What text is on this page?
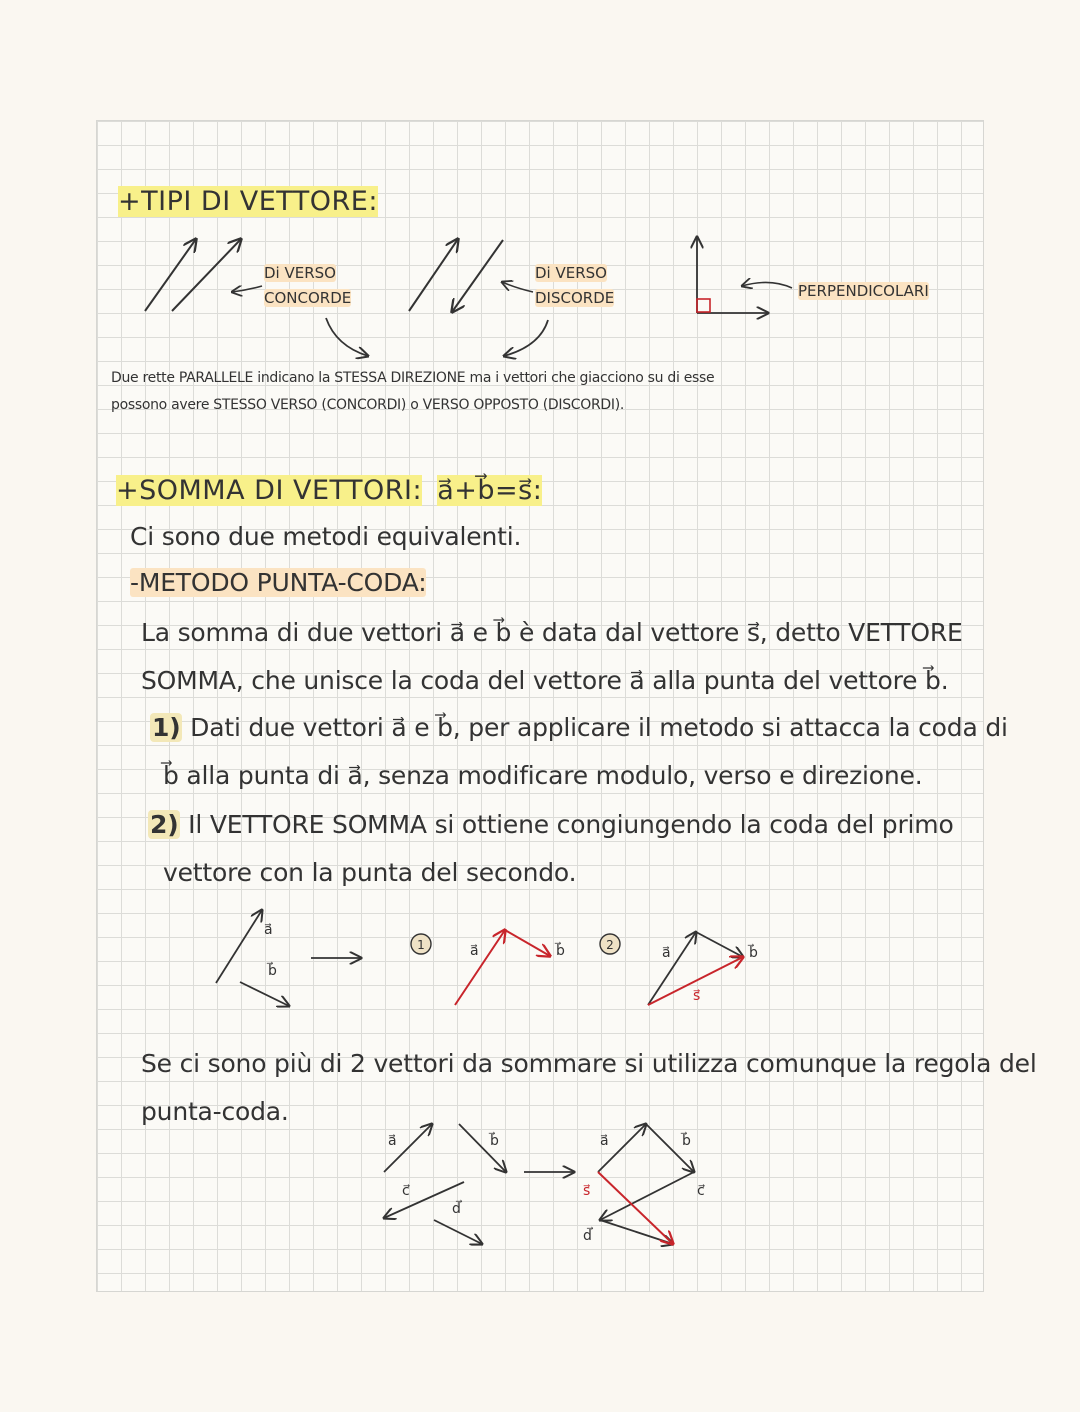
+TIPI DI VETTORE:
Di VERSO
CONCORDE
Di VERSO
DISCORDE	PERPENDICOLARI
Due rette PARALLELE indicano la STESSA DIREZIONE ma i vettori che giacciono su di esse
possono avere STESSO VERSO (CONCORDI) o VERSO OPPOSTO (DISCORDI).
+SOMMA DI VETTORI: a⃗+b⃗=s⃗:
Ci sono due metodi equivalenti.
-METODO PUNTA-CODA:
La somma di due vettori a⃗ e b⃗ è data dal vettore s⃗, detto VETTORE
SOMMA, che unisce la coda del vettore a⃗ alla punta del vettore b⃗.
1) Dati due vettori a⃗ e b⃗, per applicare il metodo si attacca la coda di
b⃗ alla punta di a⃗, senza modificare modulo, verso e direzione.
2) Il VETTORE SOMMA si ottiene congiungendo la coda del primo
vettore con la punta del secondo.
Se ci sono più di 2 vettori da sommare si utilizza comunque la regola del
punta-coda.
a⃗
b⃗
1	a⃗	b⃗	2	a⃗	b⃗
s⃗
a⃗	b⃗
c⃗
d⃗
a⃗	b⃗
c⃗
s⃗
d⃗
